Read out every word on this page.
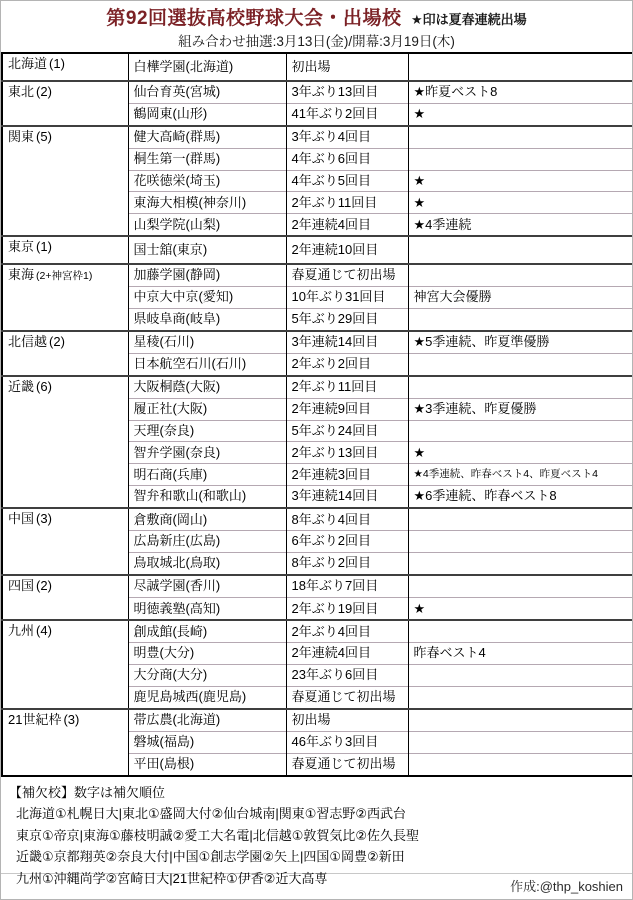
第92回選抜高校野球大会・出場校 ★印は夏春連続出場
組み合わせ抽選:3月13日(金)/開幕:3月19日(木)
北海道 (1)	白樺学園(北海道)	初出場	
東北 (2)	仙台育英(宮城)	3年ぶり13回目	★昨夏ベスト8
	鶴岡東(山形)	41年ぶり2回目	★
関東 (5)	健大高崎(群馬)	3年ぶり4回目	
	桐生第一(群馬)	4年ぶり6回目	
	花咲徳栄(埼玉)	4年ぶり5回目	★
	東海大相模(神奈川)	2年ぶり11回目	★
	山梨学院(山梨)	2年連続4回目	★4季連続
東京 (1)	国士舘(東京)	2年連続10回目	
東海 (2+神宮枠1)	加藤学園(静岡)	春夏通じて初出場	
	中京大中京(愛知)	10年ぶり31回目	神宮大会優勝
	県岐阜商(岐阜)	5年ぶり29回目	
北信越 (2)	星稜(石川)	3年連続14回目	★5季連続、昨夏準優勝
	日本航空石川(石川)	2年ぶり2回目	
近畿 (6)	大阪桐蔭(大阪)	2年ぶり11回目	
	履正社(大阪)	2年連続9回目	★3季連続、昨夏優勝
	天理(奈良)	5年ぶり24回目	
	智弁学園(奈良)	2年ぶり13回目	★
	明石商(兵庫)	2年連続3回目	★4季連続、昨春ベスト4、昨夏ベスト4
	智弁和歌山(和歌山)	3年連続14回目	★6季連続、昨春ベスト8
中国 (3)	倉敷商(岡山)	8年ぶり4回目	
	広島新庄(広島)	6年ぶり2回目	
	鳥取城北(鳥取)	8年ぶり2回目	
四国 (2)	尽誠学園(香川)	18年ぶり7回目	
	明徳義塾(高知)	2年ぶり19回目	★
九州 (4)	創成館(長崎)	2年ぶり4回目	
	明豊(大分)	2年連続4回目	昨春ベスト4
	大分商(大分)	23年ぶり6回目	
	鹿児島城西(鹿児島)	春夏通じて初出場	
21世紀枠 (3)	帯広農(北海道)	初出場	
	磐城(福島)	46年ぶり3回目	
	平田(島根)	春夏通じて初出場	
【補欠校】数字は補欠順位
北海道①札幌日大|東北①盛岡大付②仙台城南|関東①習志野②西武台
東京①帝京|東海①藤枝明誠②愛工大名電|北信越①敦賀気比②佐久長聖
近畿①京都翔英②奈良大付|中国①創志学園②矢上|四国①岡豊②新田
九州①沖縄尚学②宮崎日大|21世紀枠①伊香②近大高専
作成:@thp_koshien
